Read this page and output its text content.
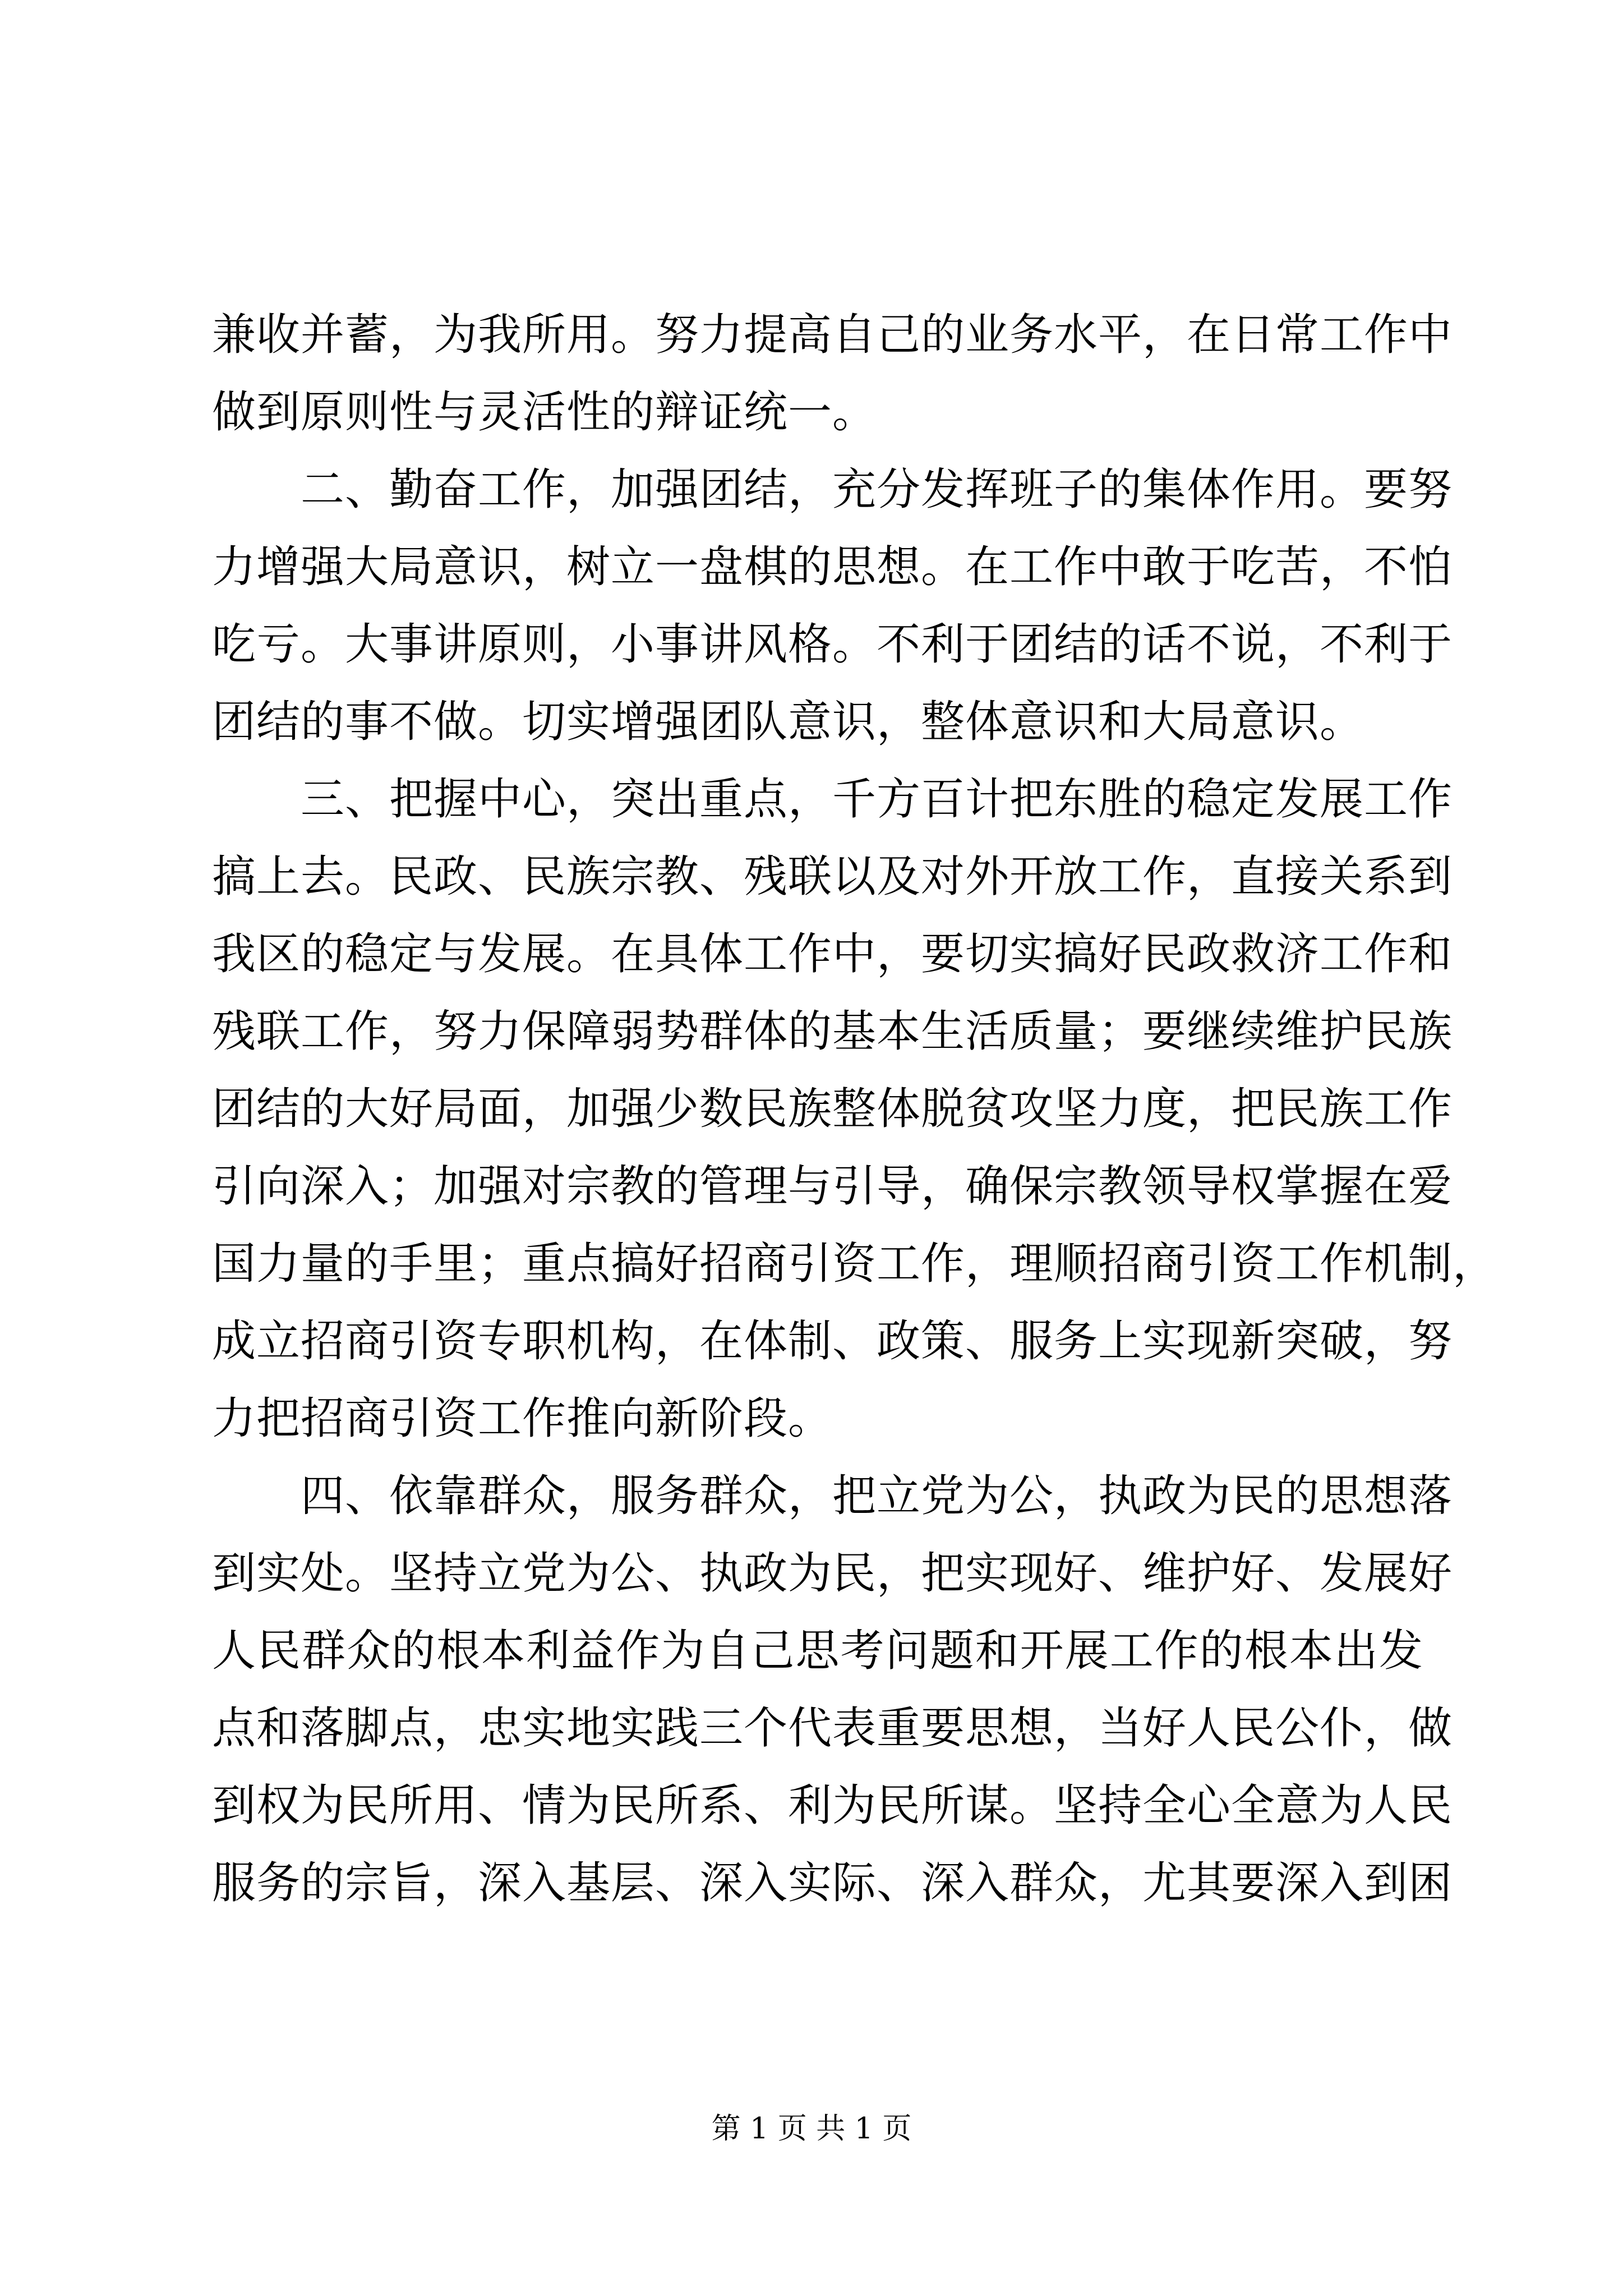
兼收并蓄，为我所用。努力提高自己的业务水平，在日常工作中
做到原则性与灵活性的辩证统一。
　　二、勤奋工作，加强团结，充分发挥班子的集体作用。要努
力增强大局意识，树立一盘棋的思想。在工作中敢于吃苦，不怕
吃亏。大事讲原则，小事讲风格。不利于团结的话不说，不利于
团结的事不做。切实增强团队意识，整体意识和大局意识。
　　三、把握中心，突出重点，千方百计把东胜的稳定发展工作
搞上去。民政、民族宗教、残联以及对外开放工作，直接关系到
我区的稳定与发展。在具体工作中，要切实搞好民政救济工作和
残联工作，努力保障弱势群体的基本生活质量；要继续维护民族
团结的大好局面，加强少数民族整体脱贫攻坚力度，把民族工作
引向深入；加强对宗教的管理与引导，确保宗教领导权掌握在爱
国力量的手里；重点搞好招商引资工作，理顺招商引资工作机制，
成立招商引资专职机构，在体制、政策、服务上实现新突破，努
力把招商引资工作推向新阶段。
　　四、依靠群众，服务群众，把立党为公，执政为民的思想落
到实处。坚持立党为公、执政为民，把实现好、维护好、发展好
人民群众的根本利益作为自己思考问题和开展工作的根本出发
点和落脚点，忠实地实践三个代表重要思想，当好人民公仆，做
到权为民所用、情为民所系、利为民所谋。坚持全心全意为人民
服务的宗旨，深入基层、深入实际、深入群众，尤其要深入到困
第 1 页 共 1 页
